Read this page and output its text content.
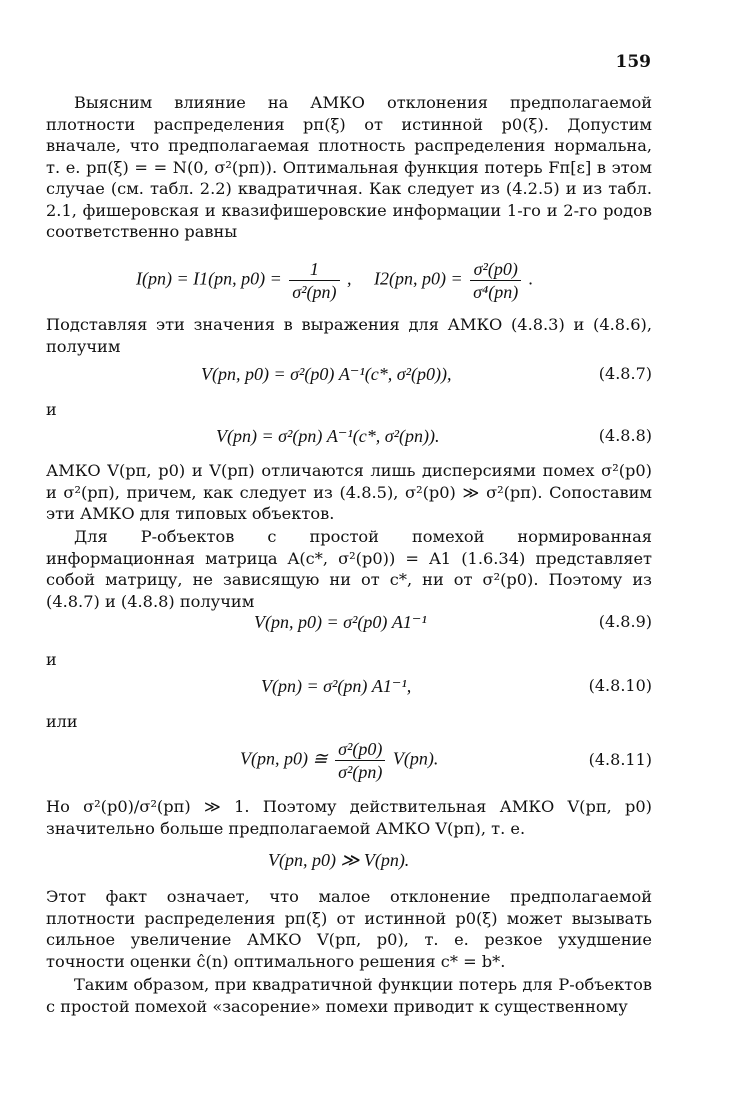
159

Выясним влияние на АМКО отклонения предполагаемой плотности распределения pп(ξ) от истинной p0(ξ). Допустим вначале, что предполагаемая плотность распределения нормальна, т. е. pп(ξ) = = N(0, σ²(pп)). Оптимальная функция потерь Fп[ε] в этом случае (см. табл. 2.2) квадратичная. Как следует из (4.2.5) и из табл. 2.1, фишеровская и квазифишеровские информации 1-го и 2-го родов соответственно равны

I(pп) = I1(pп, $p0) = \frac{1}{\text{σ²(pп)}}$ ,     I2(pп, $p0) = \frac{\text{σ²(p0)}}{\text{σ⁴(pп)}}$ .

Подставляя эти значения в выражения для АМКО (4.8.3) и (4.8.6), получим

V(pп, p0) = σ²(p0) A⁻¹(c*, σ²(p0)),	(4.8.7)
и
V(pп) = σ²(pп) A⁻¹(c*, σ²(pп)).	(4.8.8)

АМКО V(pп, p0) и V(pп) отличаются лишь дисперсиями помех σ²(p0) и σ²(pп), причем, как следует из (4.8.5), σ²(p0) ≫ σ²(pп). Сопоставим эти АМКО для типовых объектов.

Для Р-объектов с простой помехой нормированная информационная матрица A(c*, σ²(p0)) = A1 (1.6.34) представляет собой матрицу, не зависящую ни от c*, ни от σ²(p0). Поэтому из (4.8.7) и (4.8.8) получим

V(pп, p0) = σ²(p0) A1⁻¹	(4.8.9)
и
V(pп) = σ²(pп) A1⁻¹,	(4.8.10)
или
V(pп, p0) ≅ $\frac{\text{σ²(p0)}}{\text{σ²(pп)}} V(pп)$.	(4.8.11)

Но σ²(p0)/σ²(pп) ≫ 1. Поэтому действительная АМКО V(pп, p0) значительно больше предполагаемой АМКО V(pп), т. е.

V(pп, p0) ≫ V(pп).

Этот факт означает, что малое отклонение предполагаемой плотности распределения pп(ξ) от истинной p0(ξ) может вызывать сильное увеличение АМКО V(pп, p0), т. е. резкое ухудшение точности оценки ĉ(n) оптимального решения c* = b*.

Таким образом, при квадратичной функции потерь для Р-объектов с простой помехой «засорение» помехи приводит к существенному
